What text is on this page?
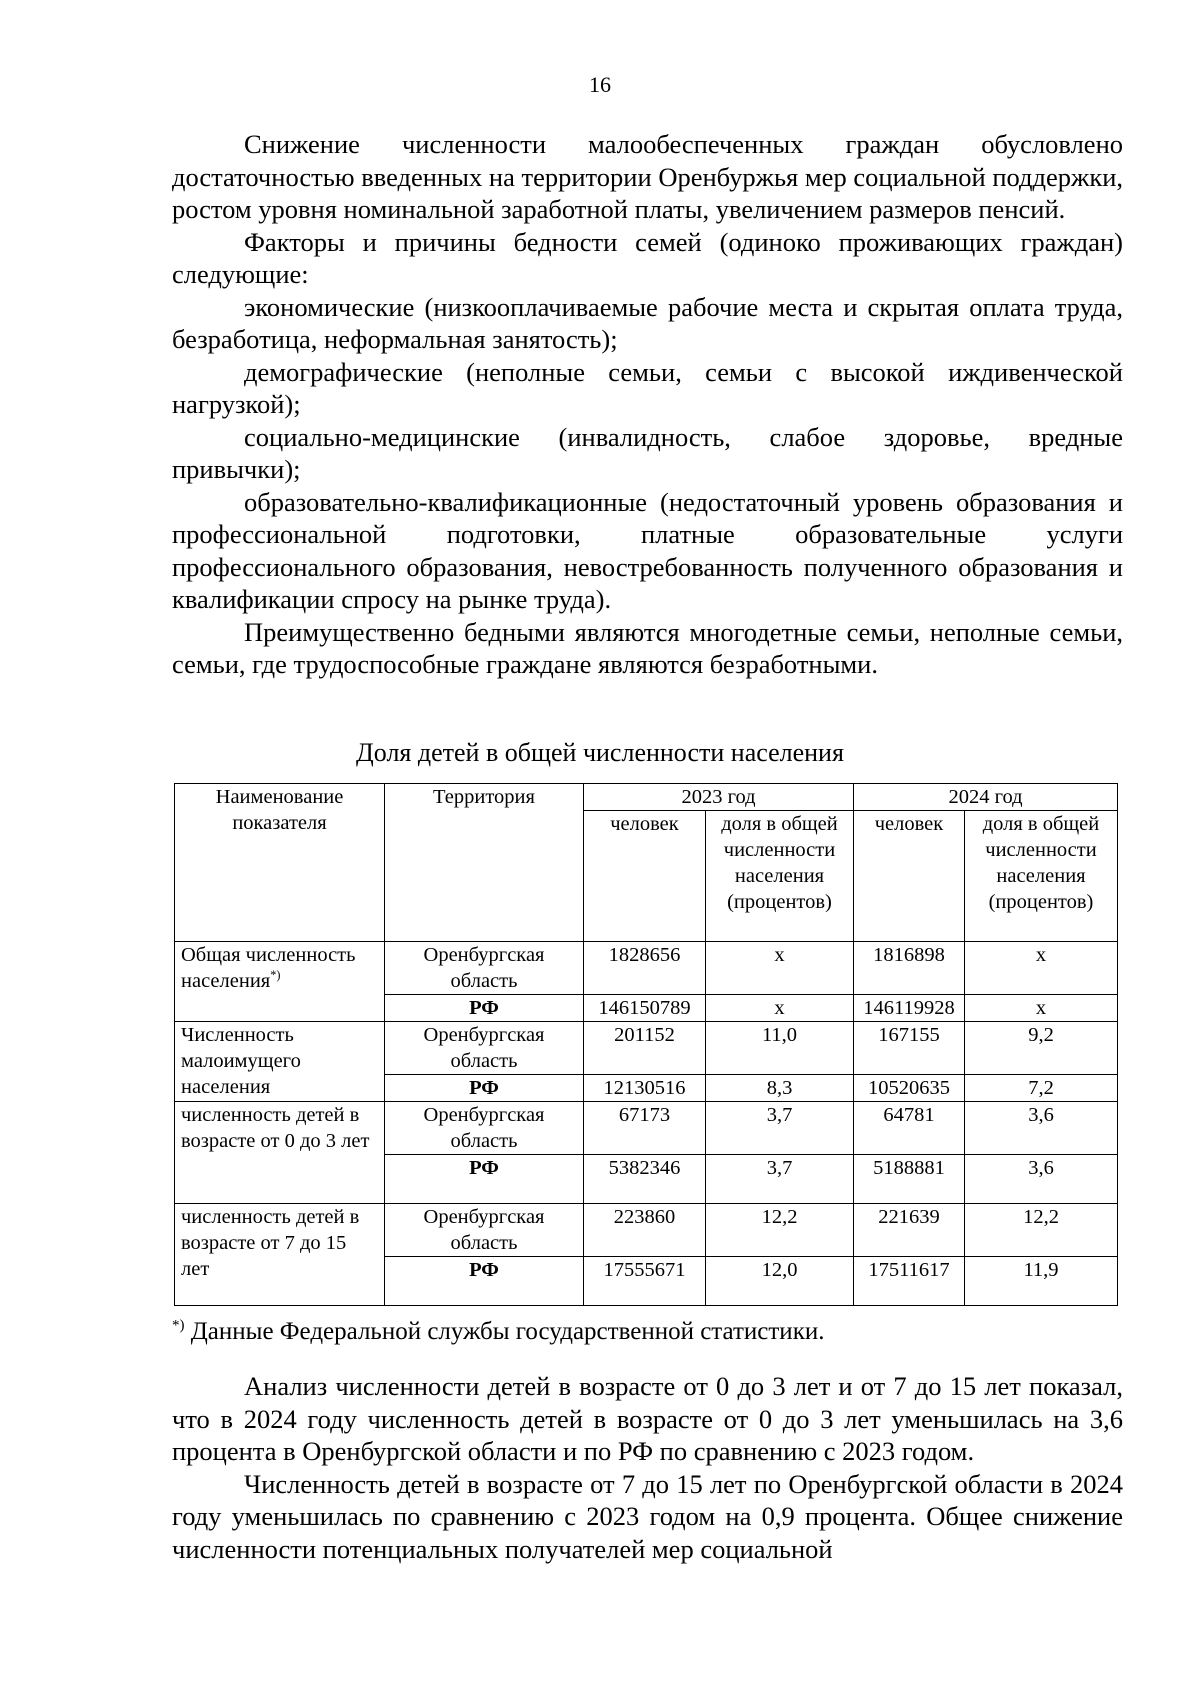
16

Снижение численности малообеспеченных граждан обусловлено достаточностью введенных на территории Оренбуржья мер социальной поддержки, ростом уровня номинальной заработной платы, увеличением размеров пенсий.

Факторы и причины бедности семей (одиноко проживающих граждан) следующие:

экономические (низкооплачиваемые рабочие места и скрытая оплата труда, безработица, неформальная занятость);

демографические (неполные семьи, семьи с высокой иждивенческой нагрузкой);

социально-медицинские (инвалидность, слабое здоровье, вредные привычки);

образовательно-квалификационные (недостаточный уровень образования и профессиональной подготовки, платные образовательные услуги профессионального образования, невостребованность полученного образования и квалификации спросу на рынке труда).

Преимущественно бедными являются многодетные семьи, неполные семьи, семьи, где трудоспособные граждане являются безработными.

Доля детей в общей численности населения
Наименование показателя	Территория	2023 год		2024 год	
		человек	доля в общей численности населения (процентов)	человек	доля в общей численности населения (процентов)
Общая численность населения*)	Оренбургская область	1828656	х	1816898	х
	РФ	146150789	х	146119928	х
Численность малоимущего населения	Оренбургская область	201152	11,0	167155	9,2
	РФ	12130516	8,3	10520635	7,2
численность детей в возрасте от 0 до 3 лет	Оренбургская область	67173	3,7	64781	3,6
	РФ	5382346	3,7	5188881	3,6
численность детей в возрасте от 7 до 15 лет	Оренбургская область	223860	12,2	221639	12,2
	РФ	17555671	12,0	17511617	11,9
*) Данные Федеральной службы государственной статистики.

Анализ численности детей в возрасте от 0 до 3 лет и от 7 до 15 лет показал, что в 2024 году численность детей в возрасте от 0 до 3 лет уменьшилась на 3,6 процента в Оренбургской области и по РФ по сравнению с 2023 годом.

Численность детей в возрасте от 7 до 15 лет по Оренбургской области в 2024 году уменьшилась по сравнению с 2023 годом на 0,9 процента. Общее снижение численности потенциальных получателей мер социальной
